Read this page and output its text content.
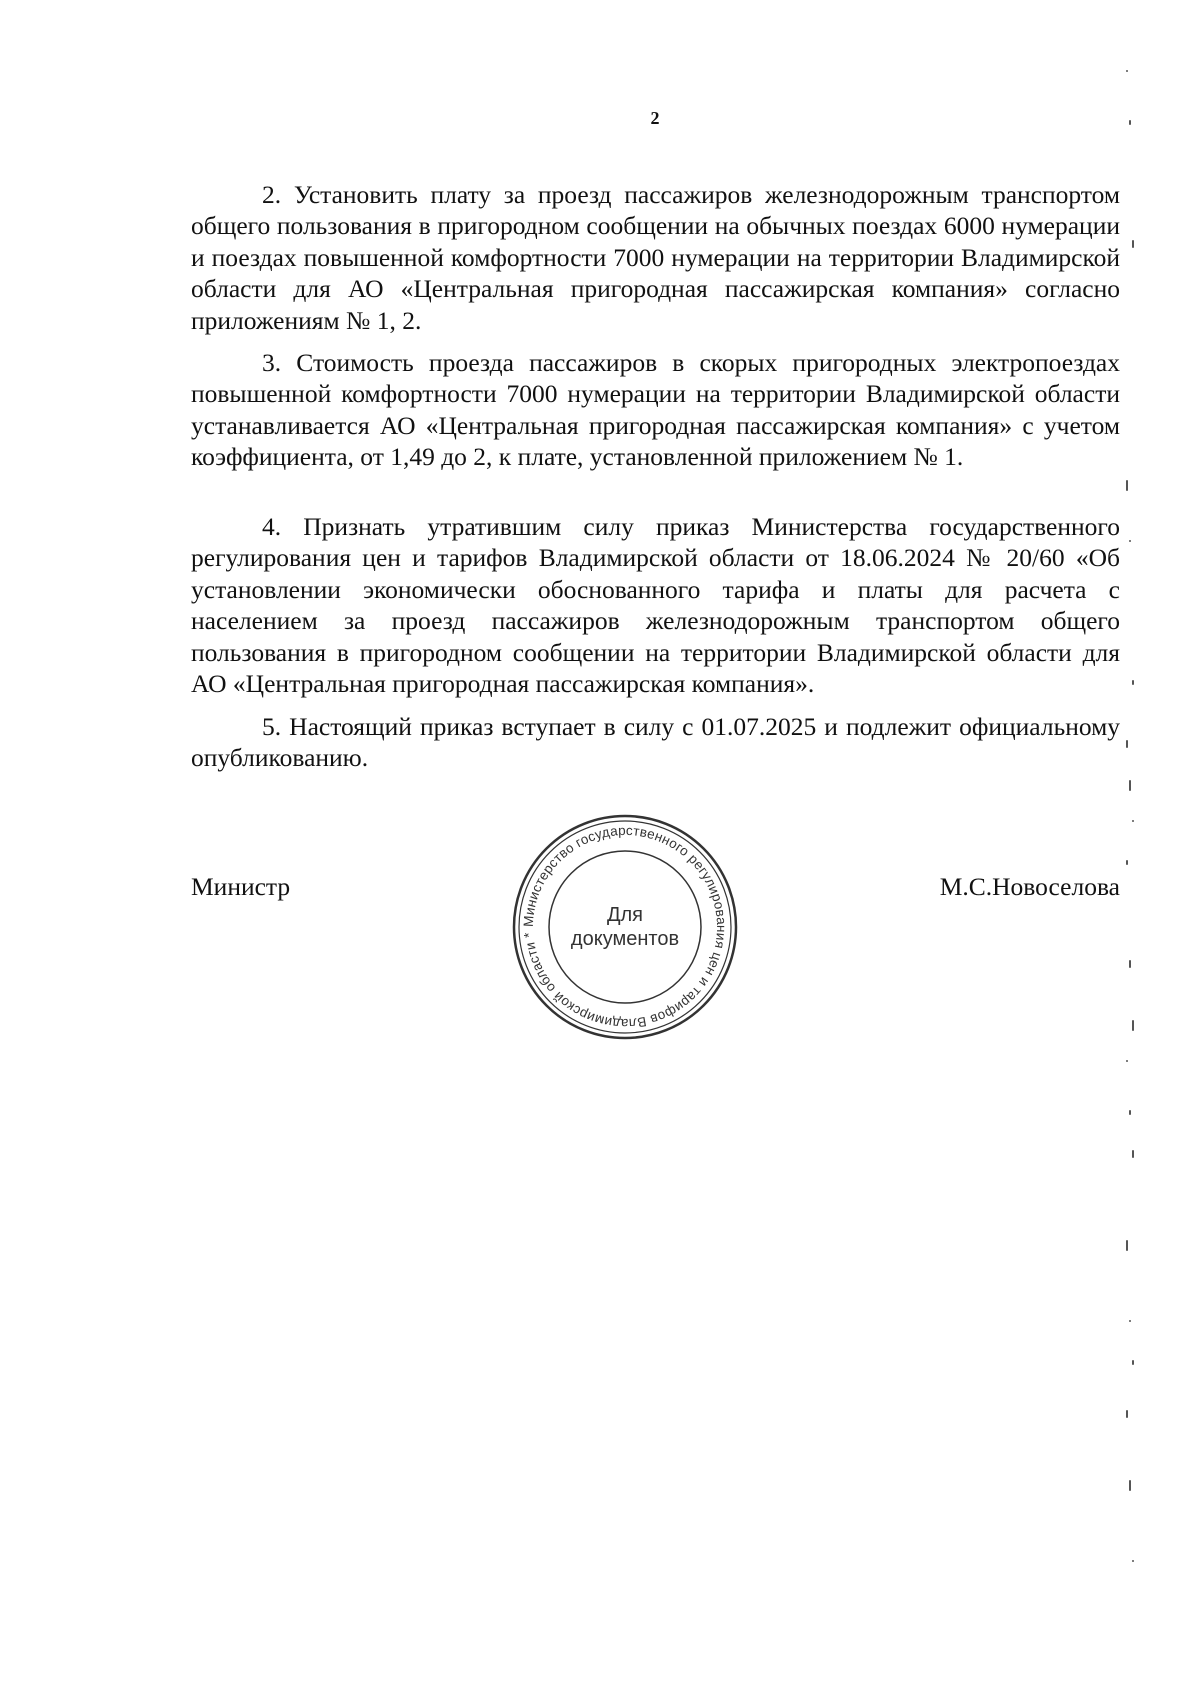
2

2. Установить плату за проезд пассажиров железнодорожным транспортом общего пользования в пригородном сообщении на обычных поездах 6000 нумерации и поездах повышенной комфортности 7000 нумерации на территории Владимирской области для АО «Центральная пригородная пассажирская компания» согласно приложениям № 1, 2.

3. Стоимость проезда пассажиров в скорых пригородных электропоездах повышенной комфортности 7000 нумерации на территории Владимирской области устанавливается АО «Центральная пригородная пассажирская компания» с учетом коэффициента, от 1,49 до 2, к плате, установленной приложением № 1.

4. Признать утратившим силу приказ Министерства государственного регулирования цен и тарифов Владимирской области от 18.06.2024 № 20/60 «Об установлении экономически обоснованного тарифа и платы для расчета с населением за проезд пассажиров железнодорожным транспортом общего пользования в пригородном сообщении на территории Владимирской области для АО «Центральная пригородная пассажирская компания».

5. Настоящий приказ вступает в силу с 01.07.2025 и подлежит официальному опубликованию.

Министр
Министерство государственного регулирования цен и тарифов Владимирской области *
Для
документов
М.С.Новоселова
